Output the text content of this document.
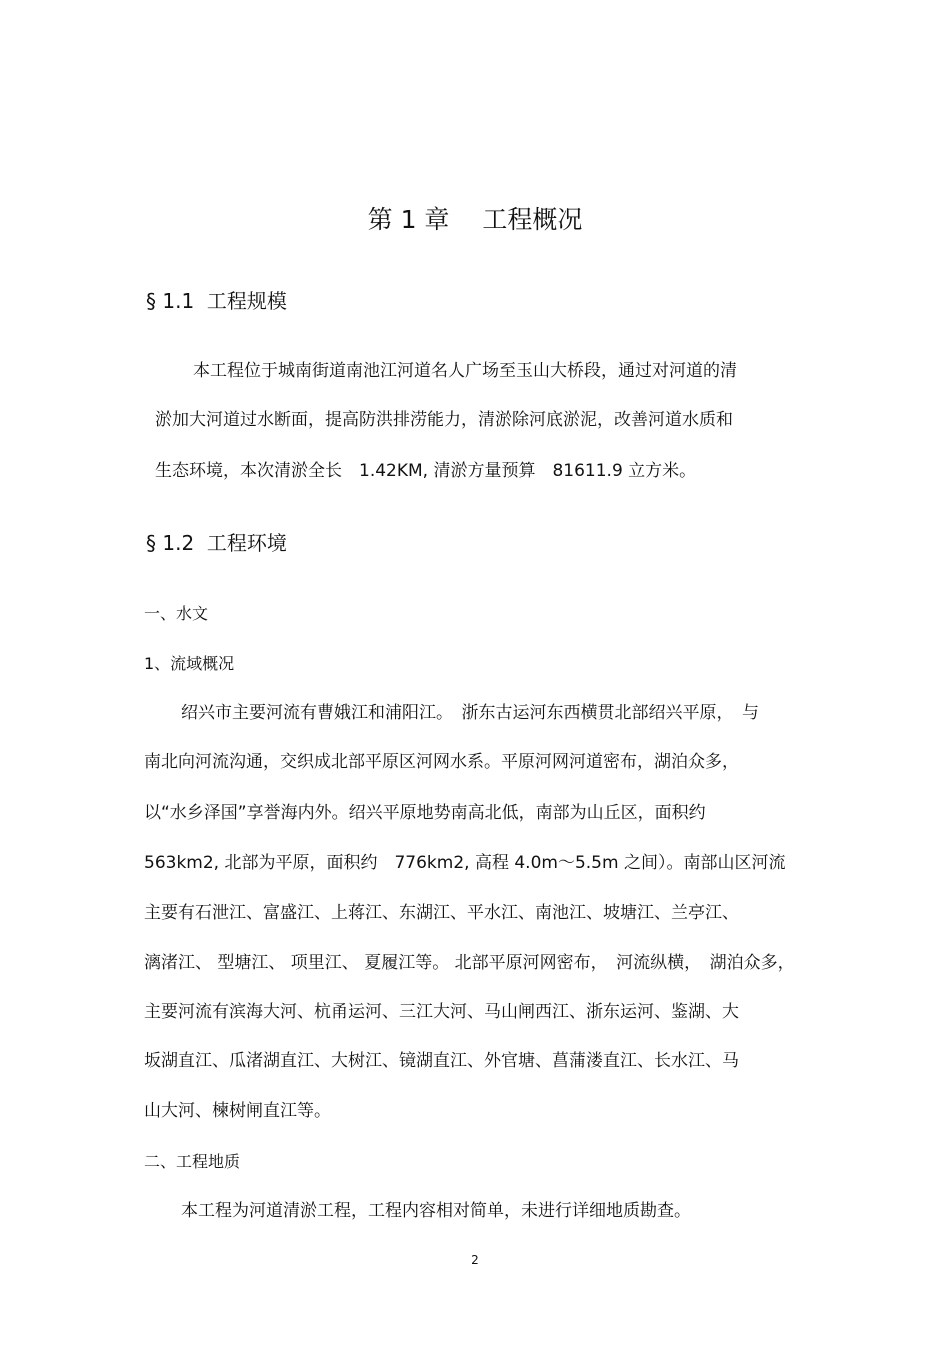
第 1 章　 工程概况
§ 1.1  工程规模
本工程位于城南街道南池江河道名人广场至玉山大桥段，通过对河道的清
淤加大河道过水断面，提高防洪排涝能力，清淤除河底淤泥，改善河道水质和
生态环境，本次清淤全长　1.42KM, 清淤方量预算　81611.9 立方米。
§ 1.2  工程环境
一、水文
1、流域概况
绍兴市主要河流有曹娥江和浦阳江。　浙东古运河东西横贯北部绍兴平原，　与
南北向河流沟通，交织成北部平原区河网水系。平原河网河道密布，湖泊众多，
以“水乡泽国”享誉海内外。绍兴平原地势南高北低，南部为山丘区，面积约
563km2, 北部为平原，面积约　776km2, 高程 4.0m～5.5m 之间）。南部山区河流
主要有石泄江、富盛江、上蒋江、东湖江、平水江、南池江、坡塘江、兰亭江、
漓渚江、 型塘江、 项里江、 夏履江等。 北部平原河网密布，　河流纵横，　湖泊众多，
主要河流有滨海大河、杭甬运河、三江大河、马山闸西江、浙东运河、鉴湖、大
坂湖直江、瓜渚湖直江、大树江、镜湖直江、外官塘、菖蒲溇直江、长水江、马
山大河、楝树闸直江等。
二、工程地质
本工程为河道清淤工程，工程内容相对简单，未进行详细地质勘查。
2
